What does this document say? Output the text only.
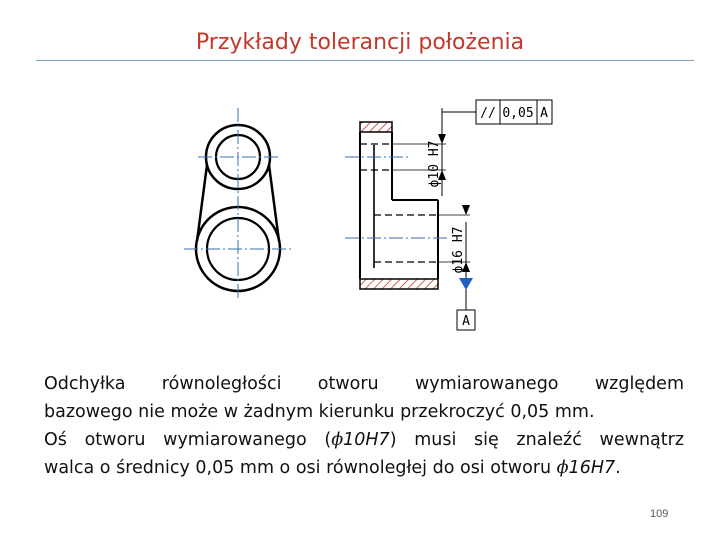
Przykłady tolerancji położenia
ϕ10 H7
ϕ16 H7
A
// 0,05 A

Odchyłka równoległości otworu wymiarowanego względem

bazowego nie może w żadnym kierunku przekroczyć 0,05 mm.

Oś otworu wymiarowanego (ϕ10H7) musi się znaleźć wewnątrz

walca o średnicy 0,05 mm o osi równoległej do osi otworu ϕ16H7.

109
